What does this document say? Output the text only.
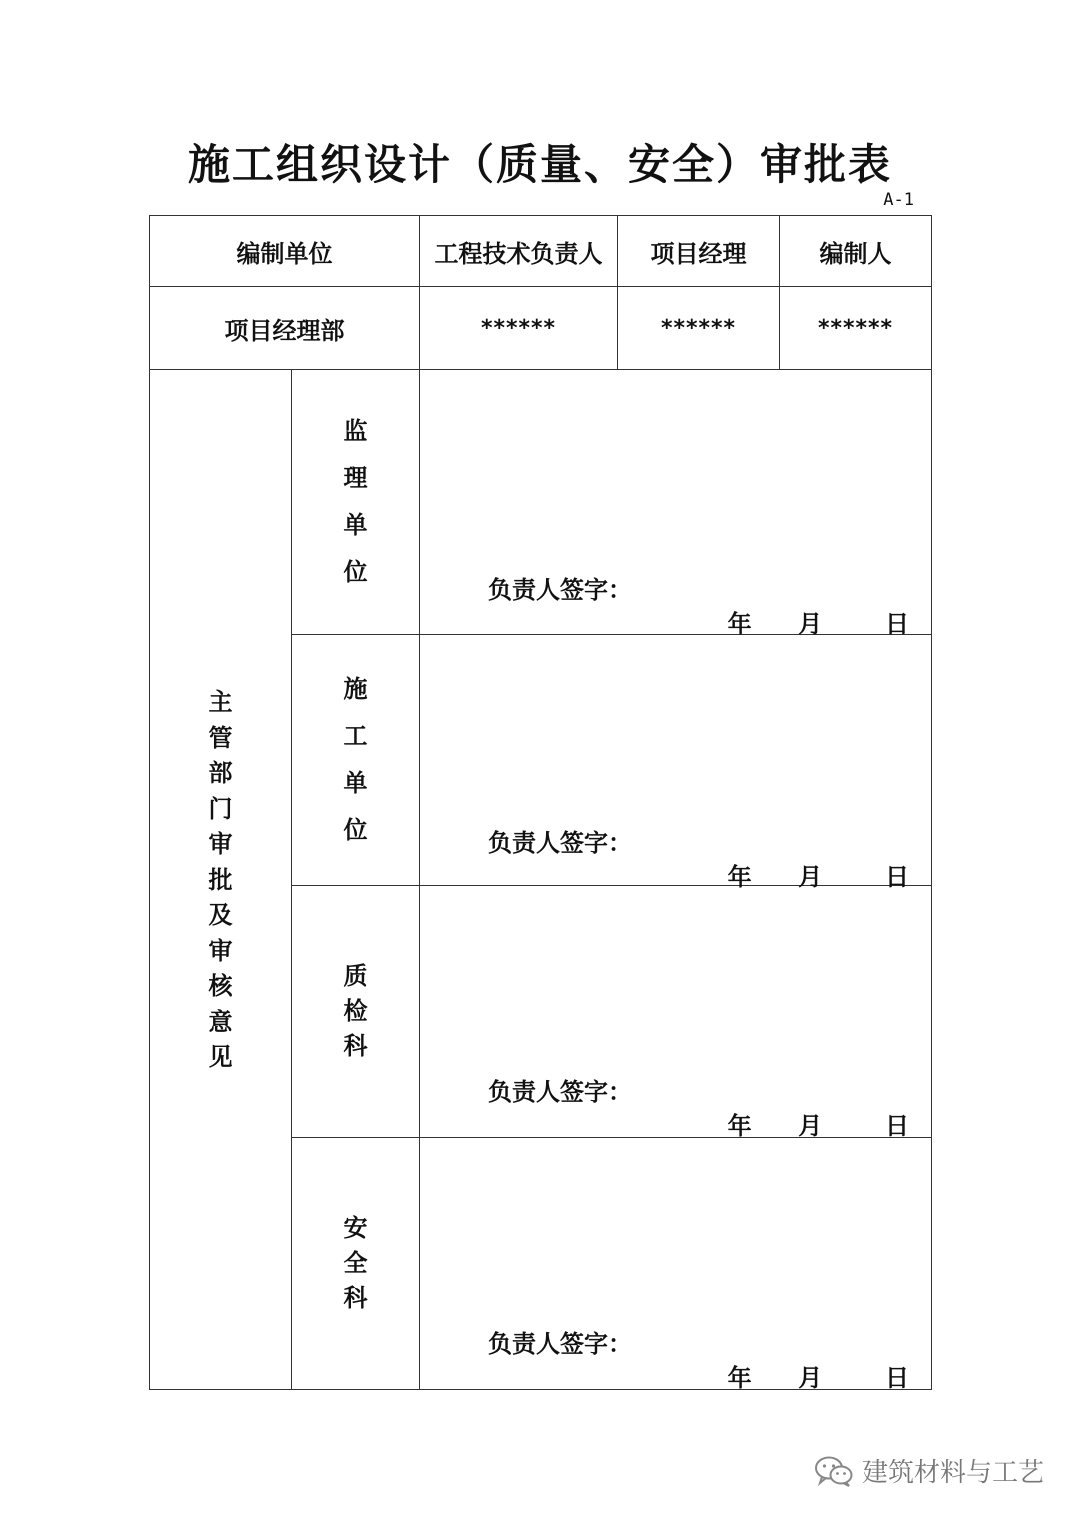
施工组织设计（质量、安全）审批表
A-1
编制单位		工程技术负责人	项目经理	编制人
项目经理部		******	******	******
主管部门审批及审核意见	监理单位	负责人签字：
年 月 日		

	施工单位	负责人签字：
年 月 日		

	质检科	负责人签字：
年 月 日		

	安全科	负责人签字：
年 月 日		
建筑材料与工艺
